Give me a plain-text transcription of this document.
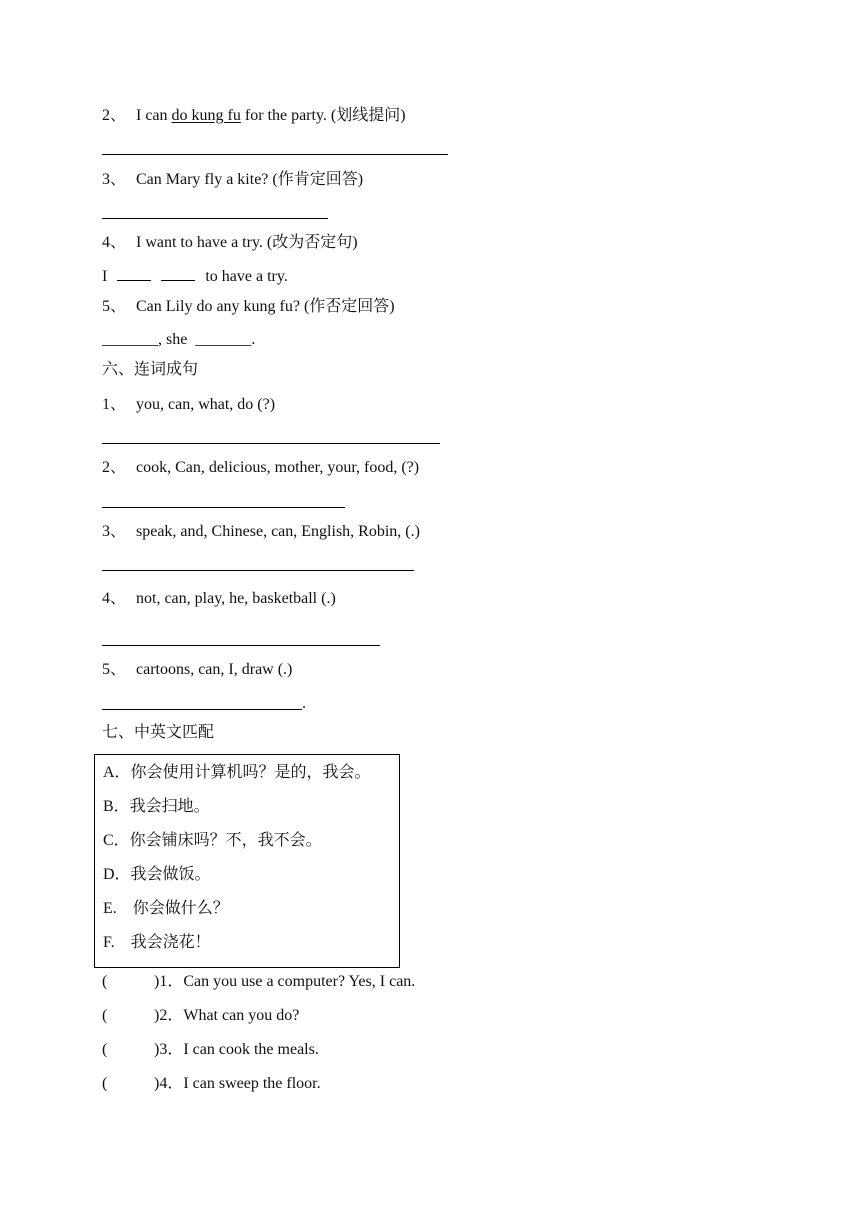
2、 I can do kung fu for the party. (划线提问)
3、 Can Mary fly a kite? (作肯定回答)
4、 I want to have a try. (改为否定句)
I	to have a try.
5、 Can Lily do any kung fu? (作否定回答)
_______, she _______.
六、连词成句
1、 you, can, what, do (?)
2、 cook, Can, delicious, mother, your, food, (?)
3、 speak, and, Chinese, can, English, Robin, (.)
4、 not, can, play, he, basketball (.)
5、 cartoons, can, I, draw (.)
.
七、中英文匹配
A．你会使用计算机吗？是的，我会。
B．我会扫地。
C．你会铺床吗？不，我不会。
D．我会做饭。
E.　你会做什么？
F.　我会浇花！
(	)1．Can you use a computer? Yes, I can.
(	)2．What can you do?
(	)3．I can cook the meals.
(	)4．I can sweep the floor.
